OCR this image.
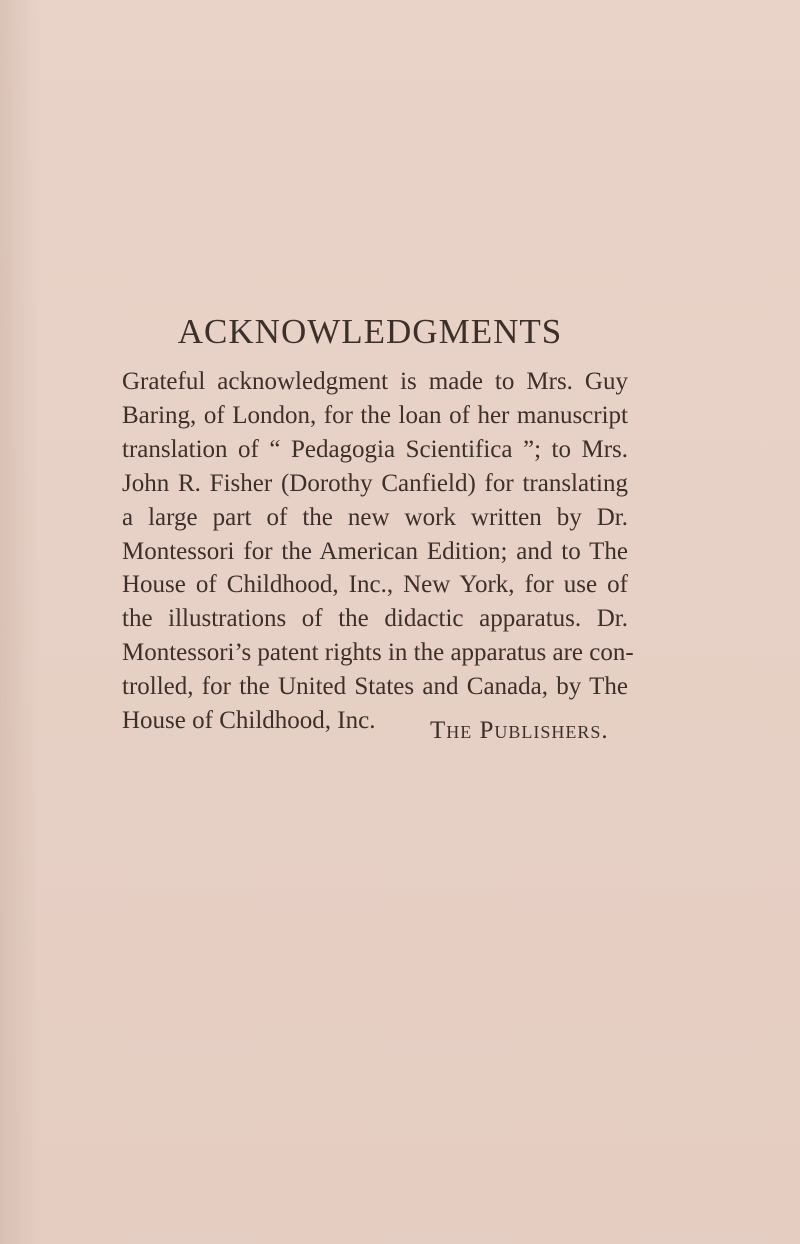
ACKNOWLEDGMENTS

Grateful acknowledgment is made to Mrs. Guy
Baring, of London, for the loan of her manuscript
translation of “ Pedagogia Scientifica ”; to Mrs.
John R. Fisher (Dorothy Canfield) for translating
a large part of the new work written by Dr.
Montessori for the American Edition; and to The
House of Childhood, Inc., New York, for use of
the illustrations of the didactic apparatus. Dr.
Montessori’s patent rights in the apparatus are con-
trolled, for the United States and Canada, by The
House of Childhood, Inc.	The Publishers.
